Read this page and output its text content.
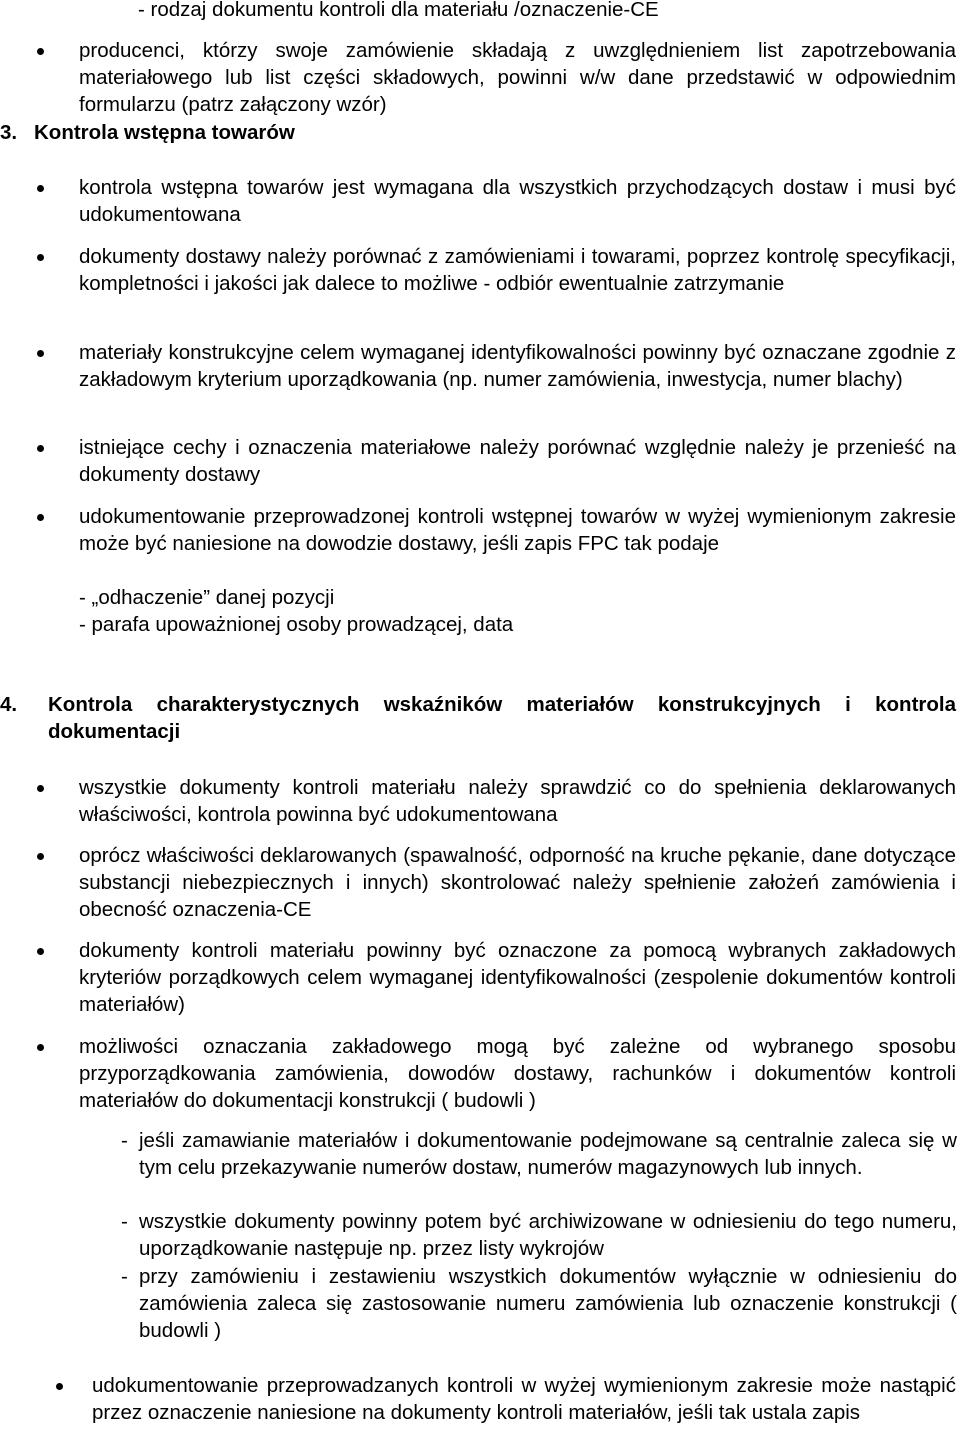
- rodzaj dokumentu kontroli dla materiału /oznaczenie-CE
producenci, którzy swoje zamówienie składają z uwzględnieniem list zapotrzebowania materiałowego lub list części składowych, powinni w/w dane przedstawić w odpowiednim formularzu (patrz załączony wzór)
3. Kontrola wstępna towarów
kontrola wstępna towarów jest wymagana dla wszystkich przychodzących dostaw i musi być udokumentowana
dokumenty dostawy należy porównać z zamówieniami i towarami, poprzez kontrolę specyfikacji, kompletności i jakości jak dalece to możliwe - odbiór ewentualnie zatrzymanie
materiały konstrukcyjne celem wymaganej identyfikowalności powinny być oznaczane zgodnie z zakładowym kryterium uporządkowania (np. numer zamówienia, inwestycja, numer blachy)
istniejące cechy i oznaczenia materiałowe należy porównać względnie należy je przenieść na dokumenty dostawy
udokumentowanie przeprowadzonej kontroli wstępnej towarów w wyżej wymienionym zakresie może być naniesione na dowodzie dostawy, jeśli zapis FPC tak podaje
- „odhaczenie” danej pozycji
- parafa upoważnionej osoby prowadzącej, data
4. Kontrola charakterystycznych wskaźników materiałów konstrukcyjnych i kontrola dokumentacji
wszystkie dokumenty kontroli materiału należy sprawdzić co do spełnienia deklarowanych właściwości, kontrola powinna być udokumentowana
oprócz właściwości deklarowanych (spawalność, odporność na kruche pękanie, dane dotyczące substancji niebezpiecznych i innych) skontrolować należy spełnienie założeń zamówienia i obecność oznaczenia-CE
dokumenty kontroli materiału powinny być oznaczone za pomocą wybranych zakładowych kryteriów porządkowych celem wymaganej identyfikowalności (zespolenie dokumentów kontroli materiałów)
możliwości oznaczania zakładowego mogą być zależne od wybranego sposobu przyporządkowania zamówienia, dowodów dostawy, rachunków i dokumentów kontroli materiałów do dokumentacji konstrukcji ( budowli )
- jeśli zamawianie materiałów i dokumentowanie podejmowane są centralnie zaleca się w tym celu przekazywanie numerów dostaw, numerów magazynowych lub innych.
- wszystkie dokumenty powinny potem być archiwizowane w odniesieniu do tego numeru, uporządkowanie następuje np. przez listy wykrojów
- przy zamówieniu i zestawieniu wszystkich dokumentów wyłącznie w odniesieniu do zamówienia zaleca się zastosowanie numeru zamówienia lub oznaczenie konstrukcji ( budowli )
udokumentowanie przeprowadzanych kontroli w wyżej wymienionym zakresie może nastąpić przez oznaczenie naniesione na dokumenty kontroli materiałów, jeśli tak ustala zapis
